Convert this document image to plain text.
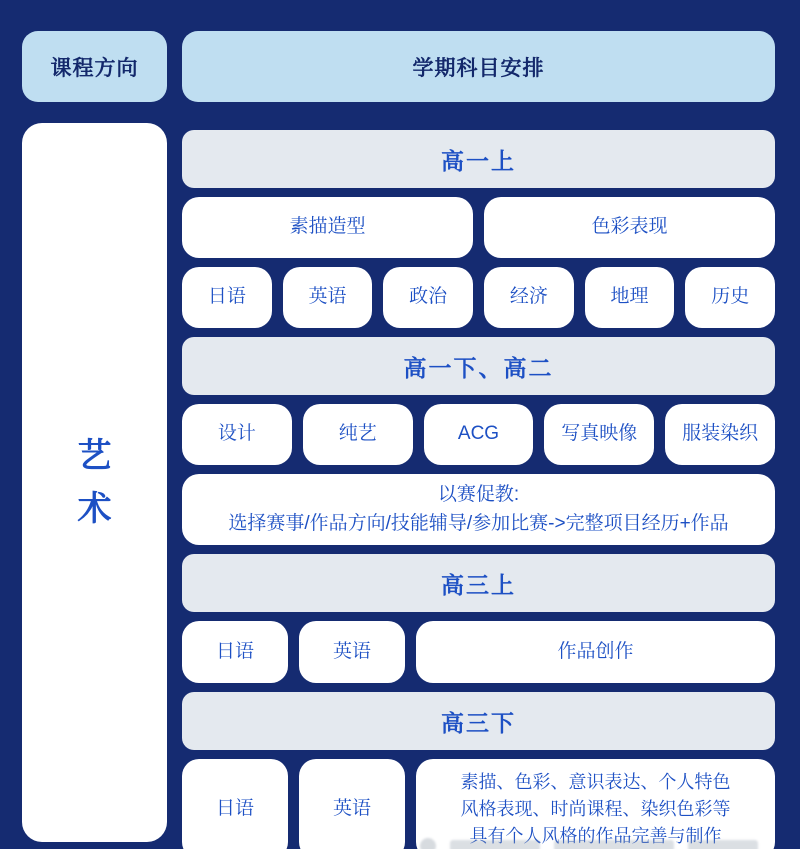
课程方向	学期科目安排
艺
术
高一上
素描造型	色彩表现
日语	英语	政治	经济	地理	历史
高一下、高二
设计	纯艺	ACG	写真映像	服装染织
以赛促教:
选择赛事/作品方向/技能辅导/参加比赛->完整项目经历+作品
高三上
日语	英语	作品创作
高三下
日语	英语
素描、色彩、意识表达、个人特色
风格表现、时尚课程、染织色彩等
具有个人风格的作品完善与制作
